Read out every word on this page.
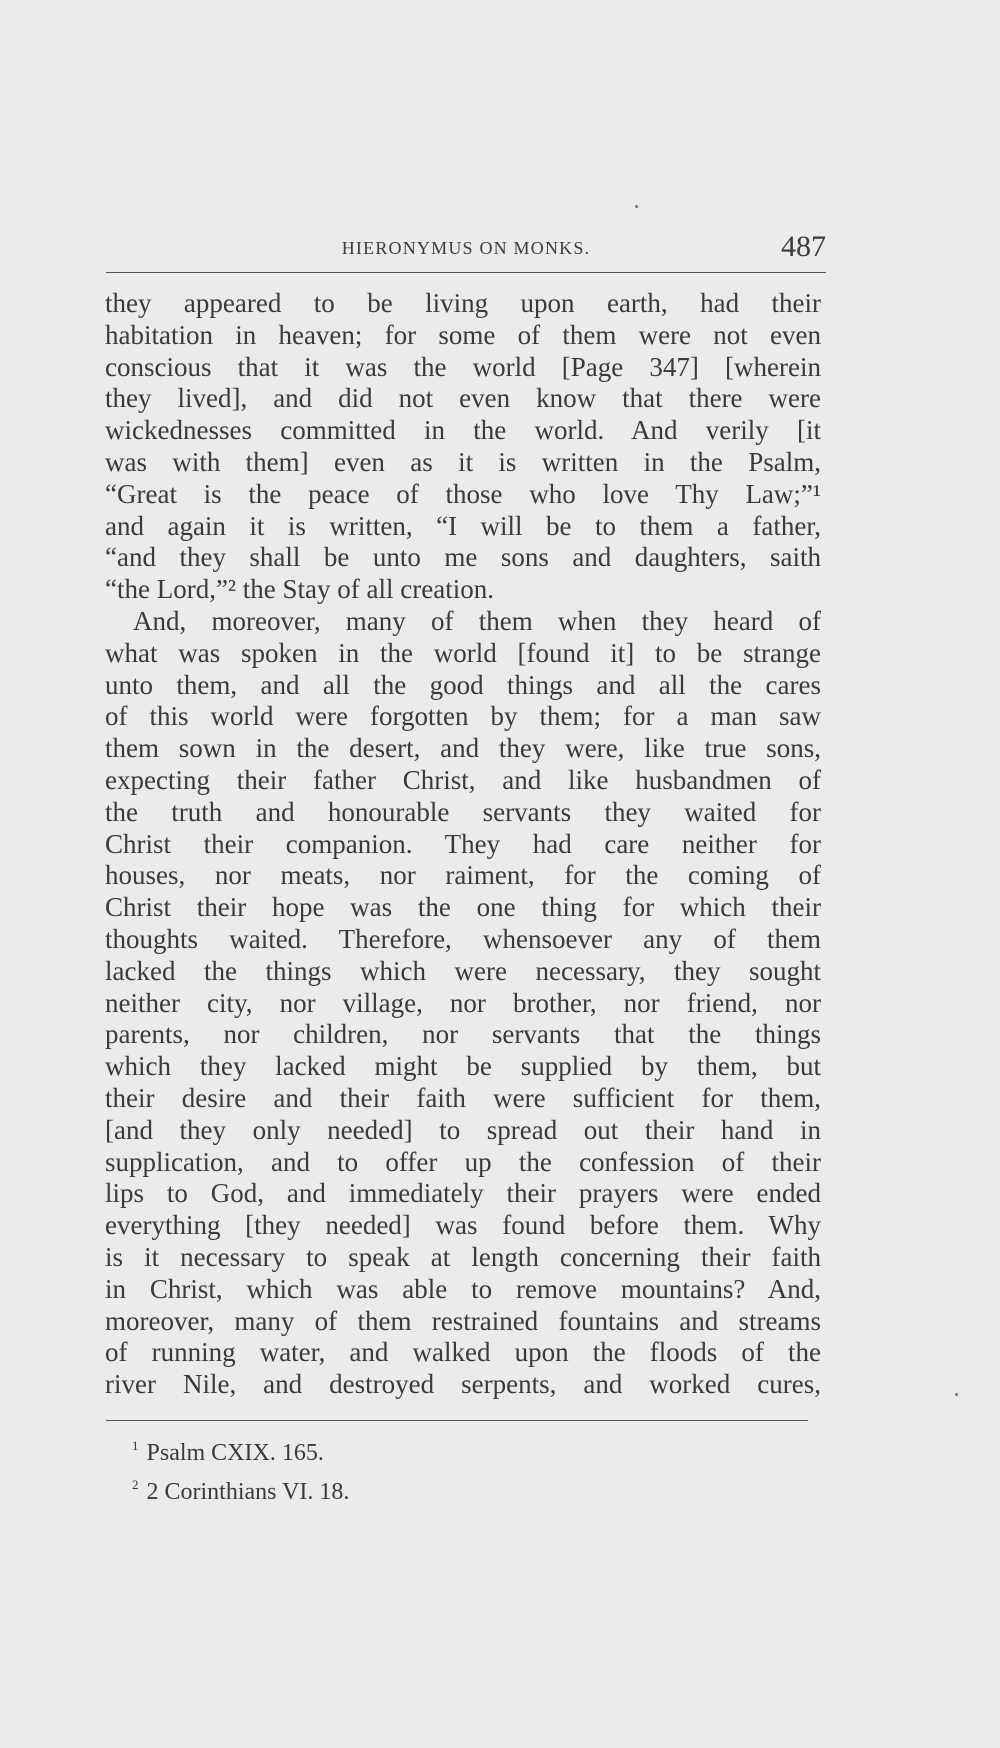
HIERONYMUS ON MONKS.	487
they appeared to be living upon earth, had their
habitation in heaven; for some of them were not even
conscious that it was the world [Page 347] [wherein
they lived], and did not even know that there were
wickednesses committed in the world. And verily [it
was with them] even as it is written in the Psalm,
“Great is the peace of those who love Thy Law;”¹
and again it is written, “I will be to them a father,
“and they shall be unto me sons and daughters, saith
“the Lord,”² the Stay of all creation.
And, moreover, many of them when they heard of
what was spoken in the world [found it] to be strange
unto them, and all the good things and all the cares
of this world were forgotten by them; for a man saw
them sown in the desert, and they were, like true sons,
expecting their father Christ, and like husbandmen of
the truth and honourable servants they waited for
Christ their companion. They had care neither for
houses, nor meats, nor raiment, for the coming of
Christ their hope was the one thing for which their
thoughts waited. Therefore, whensoever any of them
lacked the things which were necessary, they sought
neither city, nor village, nor brother, nor friend, nor
parents, nor children, nor servants that the things
which they lacked might be supplied by them, but
their desire and their faith were sufficient for them,
[and they only needed] to spread out their hand in
supplication, and to offer up the confession of their
lips to God, and immediately their prayers were ended
everything [they needed] was found before them. Why
is it necessary to speak at length concerning their faith
in Christ, which was able to remove mountains? And,
moreover, many of them restrained fountains and streams
of running water, and walked upon the floods of the
river Nile, and destroyed serpents, and worked cures,
$^1$ Psalm CXIX. 165.
$^2$ 2 Corinthians VI. 18.
